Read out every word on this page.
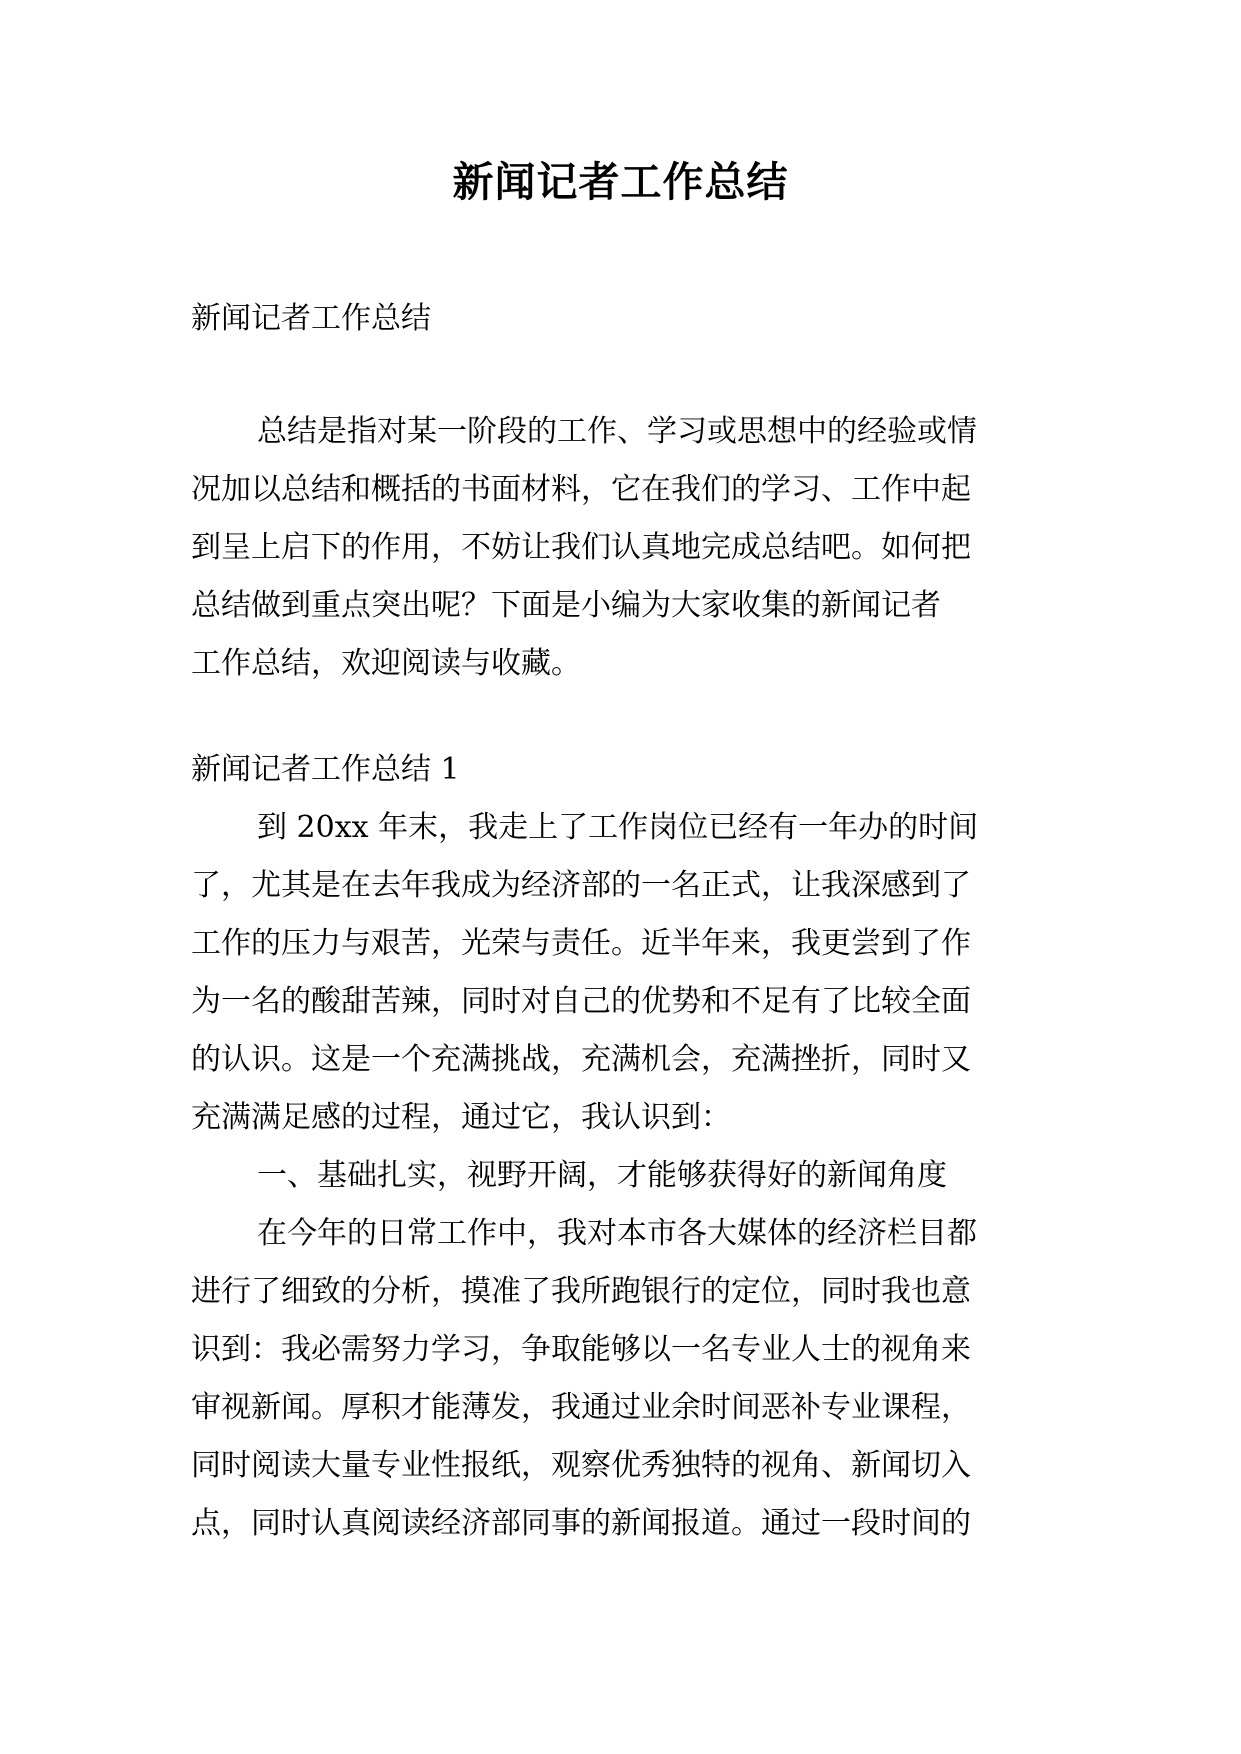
新闻记者工作总结
新闻记者工作总结
总结是指对某一阶段的工作、学习或思想中的经验或情
况加以总结和概括的书面材料，它在我们的学习、工作中起
到呈上启下的作用，不妨让我们认真地完成总结吧。如何把
总结做到重点突出呢？下面是小编为大家收集的新闻记者
工作总结，欢迎阅读与收藏。
新闻记者工作总结 1
到 20xx 年末，我走上了工作岗位已经有一年办的时间
了，尤其是在去年我成为经济部的一名正式，让我深感到了
工作的压力与艰苦，光荣与责任。近半年来，我更尝到了作
为一名的酸甜苦辣，同时对自己的优势和不足有了比较全面
的认识。这是一个充满挑战，充满机会，充满挫折，同时又
充满满足感的过程，通过它，我认识到：
一、基础扎实，视野开阔，才能够获得好的新闻角度
在今年的日常工作中，我对本市各大媒体的经济栏目都
进行了细致的分析，摸准了我所跑银行的定位，同时我也意
识到：我必需努力学习，争取能够以一名专业人士的视角来
审视新闻。厚积才能薄发，我通过业余时间恶补专业课程，
同时阅读大量专业性报纸，观察优秀独特的视角、新闻切入
点，同时认真阅读经济部同事的新闻报道。通过一段时间的
